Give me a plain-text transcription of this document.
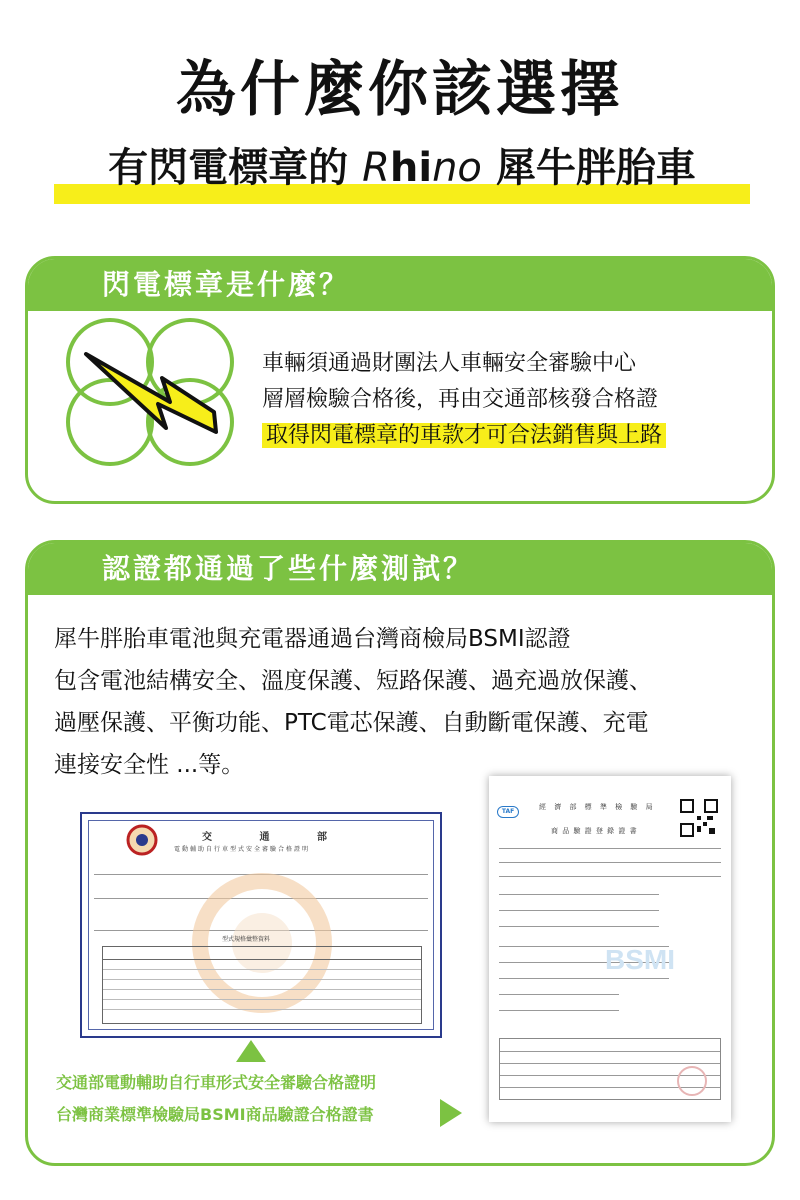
為什麼你該選擇
有閃電標章的 Rhino 犀牛胖胎車
閃電標章是什麼？
車輛須通過財團法人車輛安全審驗中心
層層檢驗合格後，再由交通部核發合格證
取得閃電標章的車款才可合法銷售與上路
認證都通過了些什麼測試？
犀牛胖胎車電池與充電器通過台灣商檢局BSMI認證
包含電池結構安全、溫度保護、短路保護、過充過放保護、
過壓保護、平衡功能、PTC電芯保護、自動斷電保護、充電
連接安全性 ...等。
交 通 部
電動輔助自行車型式安全審驗合格證明
型式規格彙整資料
TAF
經 濟 部 標 準 檢 驗 局
商 品 驗 證 登 錄 證 書
BSMI
交通部電動輔助自行車形式安全審驗合格證明
台灣商業標準檢驗局BSMI商品驗證合格證書
